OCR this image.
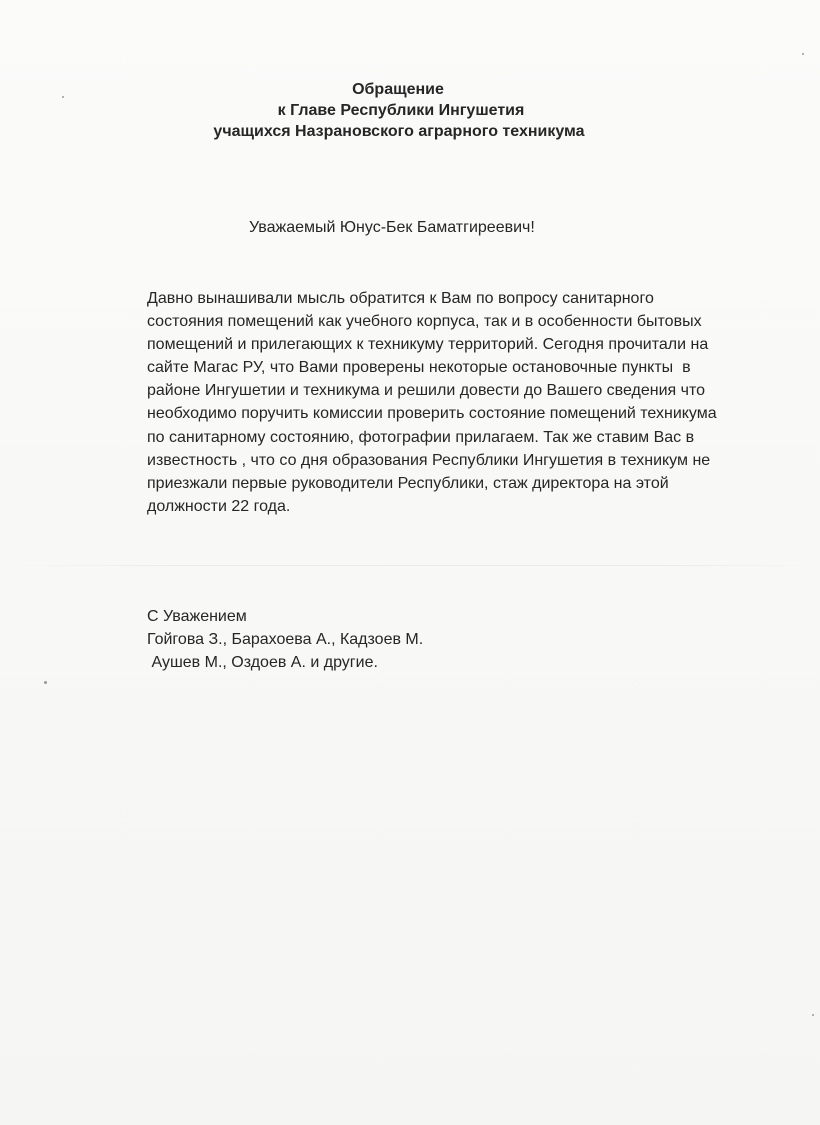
Обращение
к Главе Республики Ингушетия
учащихся Назрановского аграрного техникума
Уважаемый Юнус-Бек Баматгиреевич!
Давно вынашивали мысль обратится к Вам по вопросу санитарного
состояния помещений как учебного корпуса, так и в особенности бытовых
помещений и прилегающих к техникуму территорий. Сегодня прочитали на
сайте Магас РУ, что Вами проверены некоторые остановочные пункты  в
районе Ингушетии и техникума и решили довести до Вашего сведения что
необходимо поручить комиссии проверить состояние помещений техникума
по санитарному состоянию, фотографии прилагаем. Так же ставим Вас в
известность , что со дня образования Республики Ингушетия в техникум не
приезжали первые руководители Республики, стаж директора на этой
должности 22 года.
С Уважением
Гойгова З., Барахоева А., Кадзоев М.
Аушев М., Оздоев А. и другие.
